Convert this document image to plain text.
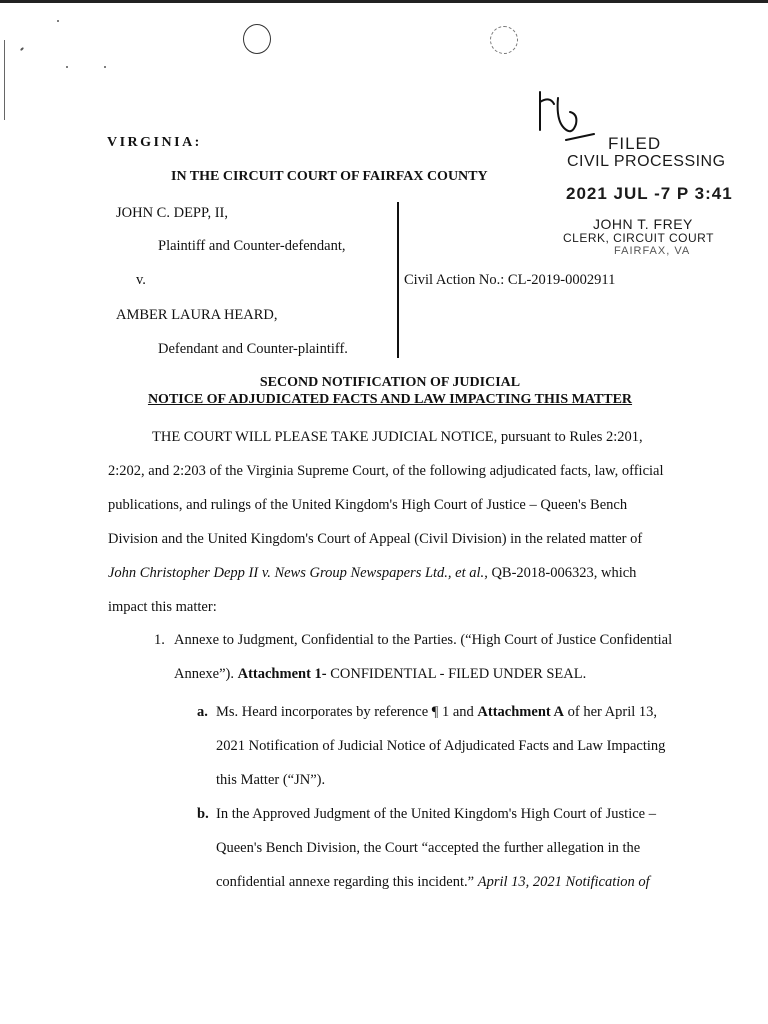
VIRGINIA:
IN THE CIRCUIT COURT OF FAIRFAX COUNTY
FILED
CIVIL PROCESSING
2021 JUL -7 P 3:41
JOHN T. FREY
CLERK, CIRCUIT COURT
FAIRFAX, VA
JOHN C. DEPP, II,
Plaintiff and Counter-defendant,
v.
AMBER LAURA HEARD,
Defendant and Counter-plaintiff.
Civil Action No.: CL-2019-0002911
SECOND NOTIFICATION OF JUDICIAL
NOTICE OF ADJUDICATED FACTS AND LAW IMPACTING THIS MATTER
THE COURT WILL PLEASE TAKE JUDICIAL NOTICE, pursuant to Rules 2:201,
2:202, and 2:203 of the Virginia Supreme Court, of the following adjudicated facts, law, official
publications, and rulings of the United Kingdom's High Court of Justice – Queen's Bench
Division and the United Kingdom's Court of Appeal (Civil Division) in the related matter of
John Christopher Depp II v. News Group Newspapers Ltd., et al., QB-2018-006323, which
impact this matter:
1. Annexe to Judgment, Confidential to the Parties. (“High Court of Justice Confidential
Annexe”). Attachment 1- CONFIDENTIAL - FILED UNDER SEAL.
a. Ms. Heard incorporates by reference ¶ 1 and Attachment A of her April 13,
2021 Notification of Judicial Notice of Adjudicated Facts and Law Impacting
this Matter (“JN”).
b. In the Approved Judgment of the United Kingdom's High Court of Justice –
Queen's Bench Division, the Court “accepted the further allegation in the
confidential annexe regarding this incident.” April 13, 2021 Notification of
